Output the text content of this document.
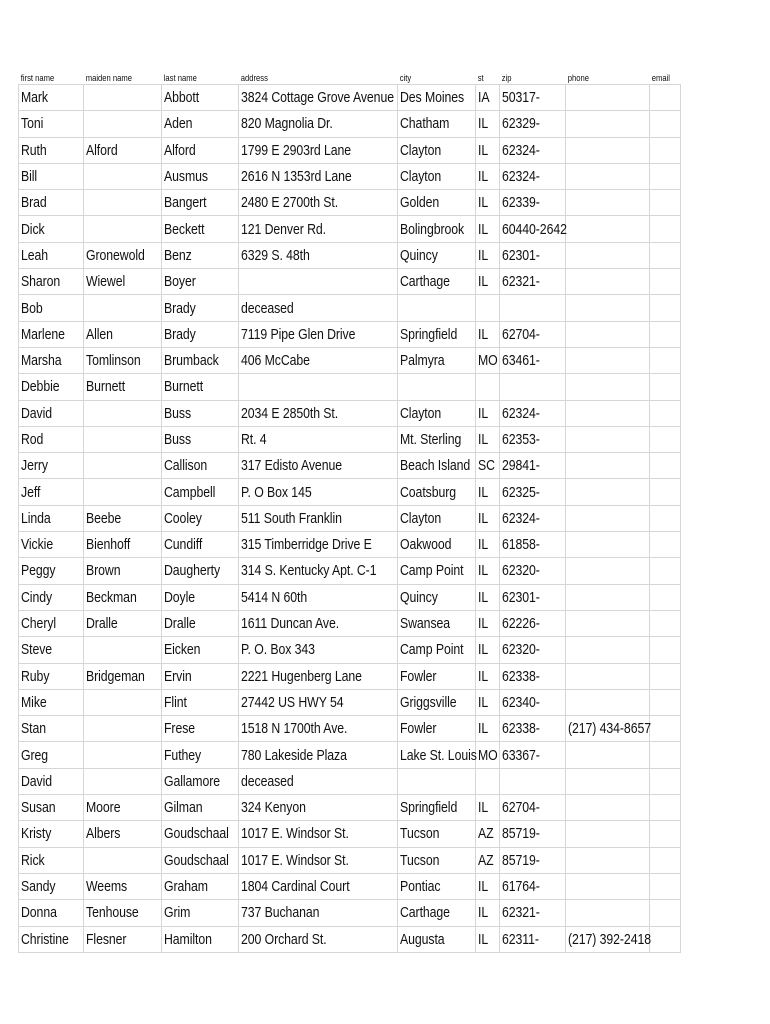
first name	maiden name	last name	address	city	st	zip	phone	email
Mark		Abbott	3824 Cottage Grove Avenue	Des Moines	IA	50317-		
Toni		Aden	820 Magnolia Dr.	Chatham	IL	62329-		
Ruth	Alford	Alford	1799 E 2903rd Lane	Clayton	IL	62324-		
Bill		Ausmus	2616 N 1353rd Lane	Clayton	IL	62324-		
Brad		Bangert	2480 E 2700th St.	Golden	IL	62339-		
Dick		Beckett	121 Denver Rd.	Bolingbrook	IL	60440-2642		
Leah	Gronewold	Benz	6329 S. 48th	Quincy	IL	62301-		
Sharon	Wiewel	Boyer		Carthage	IL	62321-		
Bob		Brady	deceased					
Marlene	Allen	Brady	7119 Pipe Glen Drive	Springfield	IL	62704-		
Marsha	Tomlinson	Brumback	406 McCabe	Palmyra	MO	63461-		
Debbie	Burnett	Burnett						
David		Buss	2034 E 2850th St.	Clayton	IL	62324-		
Rod		Buss	Rt. 4	Mt. Sterling	IL	62353-		
Jerry		Callison	317 Edisto Avenue	Beach Island	SC	29841-		
Jeff		Campbell	P. O Box 145	Coatsburg	IL	62325-		
Linda	Beebe	Cooley	511 South Franklin	Clayton	IL	62324-		
Vickie	Bienhoff	Cundiff	315 Timberridge Drive E	Oakwood	IL	61858-		
Peggy	Brown	Daugherty	314 S. Kentucky Apt. C-1	Camp Point	IL	62320-		
Cindy	Beckman	Doyle	5414 N 60th	Quincy	IL	62301-		
Cheryl	Dralle	Dralle	1611 Duncan Ave.	Swansea	IL	62226-		
Steve		Eicken	P. O. Box 343	Camp Point	IL	62320-		
Ruby	Bridgeman	Ervin	2221 Hugenberg Lane	Fowler	IL	62338-		
Mike		Flint	27442 US HWY 54	Griggsville	IL	62340-		
Stan		Frese	1518 N 1700th Ave.	Fowler	IL	62338-	(217) 434-8657	
Greg		Futhey	780 Lakeside Plaza	Lake St. Louis	MO	63367-		
David		Gallamore	deceased					
Susan	Moore	Gilman	324 Kenyon	Springfield	IL	62704-		
Kristy	Albers	Goudschaal	1017 E. Windsor St.	Tucson	AZ	85719-		
Rick		Goudschaal	1017 E. Windsor St.	Tucson	AZ	85719-		
Sandy	Weems	Graham	1804 Cardinal Court	Pontiac	IL	61764-		
Donna	Tenhouse	Grim	737 Buchanan	Carthage	IL	62321-		
Christine	Flesner	Hamilton	200 Orchard St.	Augusta	IL	62311-	(217) 392-2418	
